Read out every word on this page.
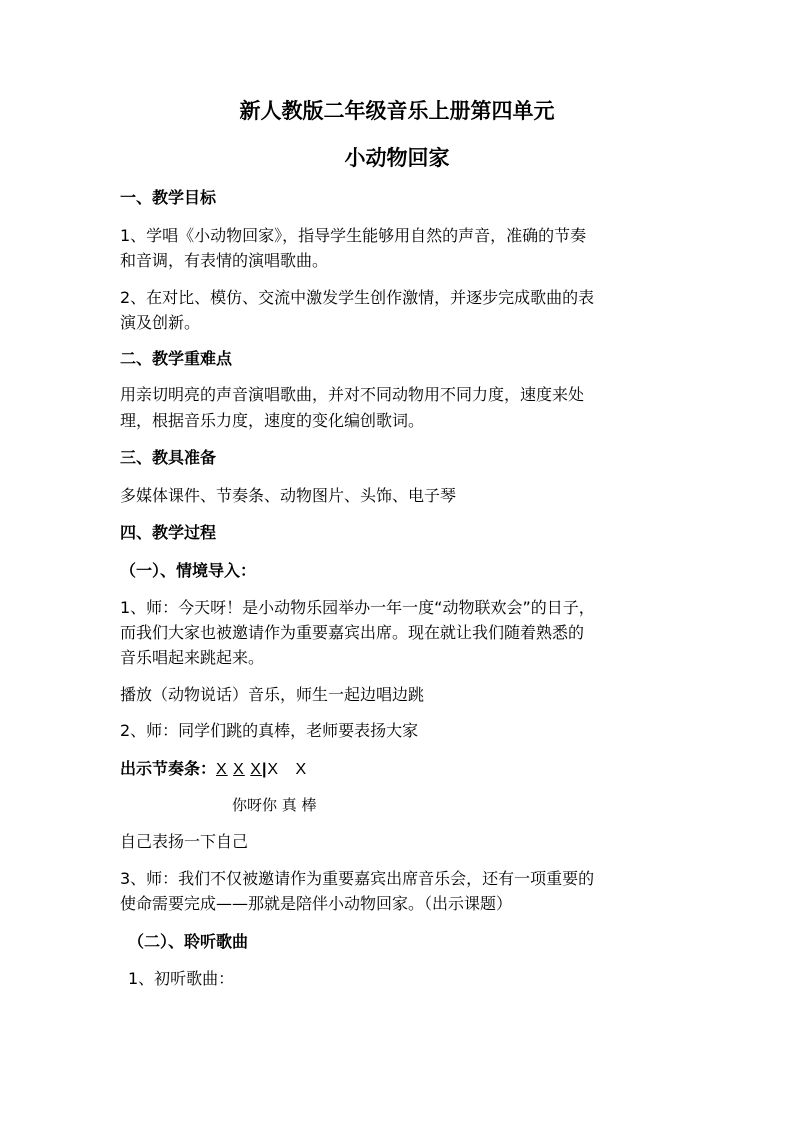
新人教版二年级音乐上册第四单元
小动物回家
一、教学目标
1、学唱《小动物回家》，指导学生能够用自然的声音，准确的节奏
和音调，有表情的演唱歌曲。
2、在对比、模仿、交流中激发学生创作激情，并逐步完成歌曲的表
演及创新。
二、教学重难点
用亲切明亮的声音演唱歌曲，并对不同动物用不同力度，速度来处
理，根据音乐力度，速度的变化编创歌词。
三、教具准备
多媒体课件、节奏条、动物图片、头饰、电子琴
四、教学过程
（一）、情境导入：
1、师：今天呀！是小动物乐园举办一年一度“动物联欢会”的日子，
而我们大家也被邀请作为重要嘉宾出席。现在就让我们随着熟悉的
音乐唱起来跳起来。
播放（动物说话）音乐，师生一起边唱边跳
2、师：同学们跳的真棒，老师要表扬大家
出示节奏条：X X X|X X
你呀你 真 棒
自己表扬一下自己
3、师：我们不仅被邀请作为重要嘉宾出席音乐会，还有一项重要的
使命需要完成——那就是陪伴小动物回家。（出示课题）
（二）、聆听歌曲
1、初听歌曲：
